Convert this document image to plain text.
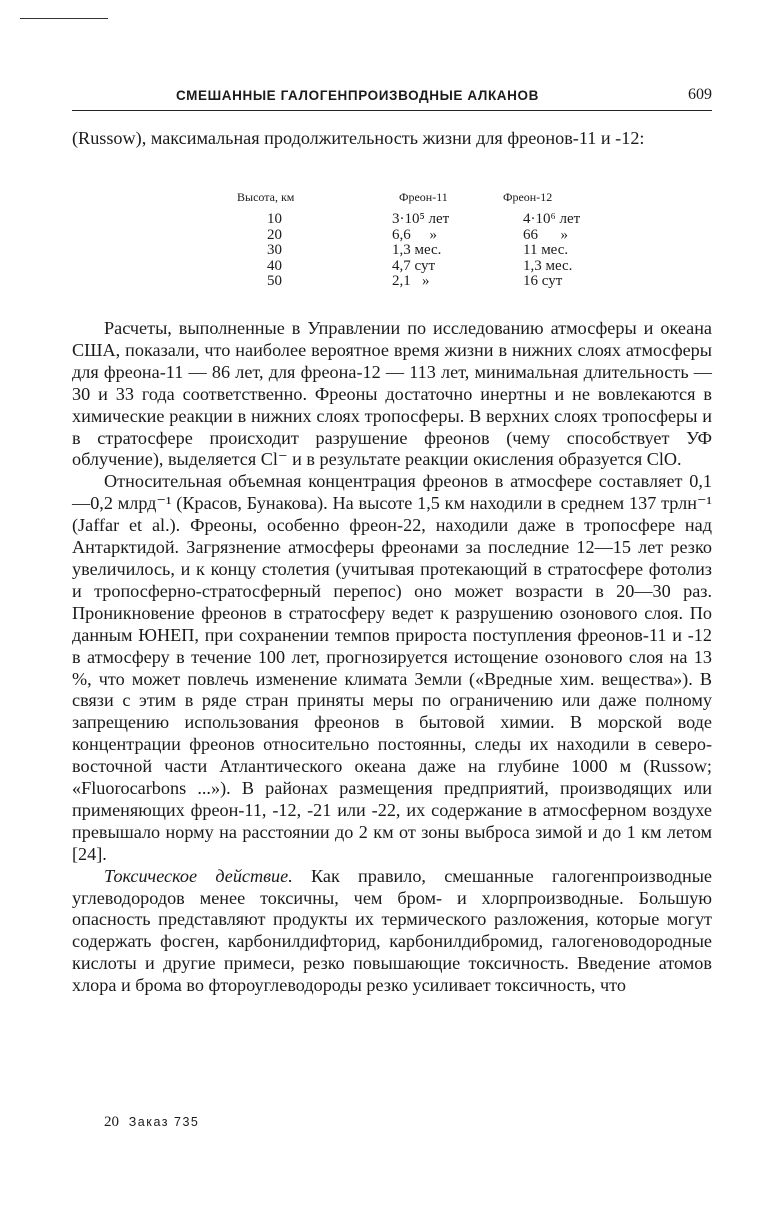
СМЕШАННЫЕ ГАЛОГЕНПРОИЗВОДНЫЕ АЛКАНОВ	609

(Russow), максимальная продолжительность жизни для фреонов-11 и -12:

Высота, км	Фреон-11	Фреон-12
10	3·10⁵ лет	4·10⁶ лет
20	6,6     »	66      »
30	1,3 мес.	11 мес.
40	4,7 сут	1,3 мес.
50	2,1   »	16 сут

Расчеты, выполненные в Управлении по исследованию атмосферы и океана США, показали, что наиболее вероятное время жизни в нижних слоях атмосферы для фреона-11 — 86 лет, для фреона-12 — 113 лет, минимальная длительность — 30 и 33 года соответственно. Фреоны достаточно инертны и не вовлекаются в химические реакции в нижних слоях тропосферы. В верхних слоях тропосферы и в стратосфере происходит разрушение фреонов (чему способствует УФ облучение), выделяется Cl⁻ и в результате реакции окисления образуется ClO.

Относительная объемная концентрация фреонов в атмосфере составляет 0,1—0,2 млрд⁻¹ (Красов, Бунакова). На высоте 1,5 км находили в среднем 137 трлн⁻¹ (Jaffar et al.). Фреоны, особенно фреон-22, находили даже в тропосфере над Антарктидой. Загрязнение атмосферы фреонами за последние 12—15 лет резко увеличилось, и к концу столетия (учитывая протекающий в стратосфере фотолиз и тропосферно-стратосферный перепос) оно может возрасти в 20—30 раз. Проникновение фреонов в стратосферу ведет к разрушению озонового слоя. По данным ЮНЕП, при сохранении темпов прироста поступления фреонов-11 и -12 в атмосферу в течение 100 лет, прогнозируется истощение озонового слоя на 13 %, что может повлечь изменение климата Земли («Вредные хим. вещества»). В связи с этим в ряде стран приняты меры по ограничению или даже полному запрещению использования фреонов в бытовой химии. В морской воде концентрации фреонов относительно постоянны, следы их находили в северо-восточной части Атлантического океана даже на глубине 1000 м (Russow; «Fluorocarbons ...»). В районах размещения предприятий, производящих или применяющих фреон-11, -12, -21 или -22, их содержание в атмосферном воздухе превышало норму на расстоянии до 2 км от зоны выброса зимой и до 1 км летом [24].

Токсическое действие. Как правило, смешанные галогенпроизводные углеводородов менее токсичны, чем бром- и хлорпроизводные. Большую опасность представляют продукты их термического разложения, которые могут содержать фосген, карбонилдифторид, карбонилдибромид, галогеноводородные кислоты и другие примеси, резко повышающие токсичность. Введение атомов хлора и брома во фтороуглеводороды резко усиливает токсичность, что

20 Заказ 735
